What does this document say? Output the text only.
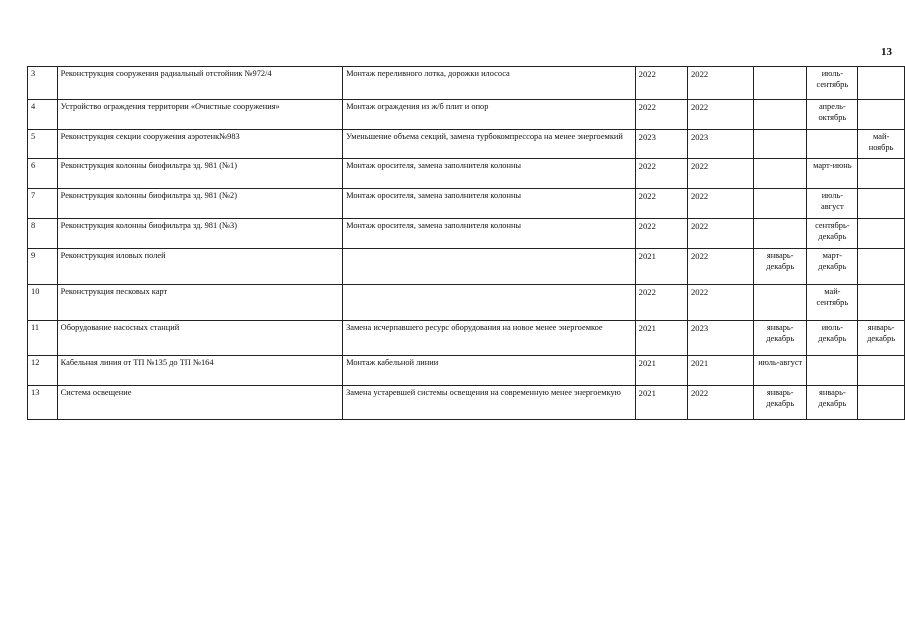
13
3	Реконструкция сооружения радиальный отстойник №972/4	Монтаж переливного лотка, дорожки илососа	2022	2022		июль-сентябрь	
4	Устройство ограждения территории «Очистные сооружения»	Монтаж ограждения из ж/б плит и опор	2022	2022		апрель-октябрь	
5	Реконструкция секции сооружения аэротенк№983	Уменьшение объема секций, замена турбокомпрессора на менее энергоемкий	2023	2023			май-ноябрь
6	Реконструкция колонны биофильтра зд. 981 (№1)	Монтаж оросителя, замена заполнителя колонны	2022	2022		март-июнь	
7	Реконструкция колонны биофильтра зд. 981 (№2)	Монтаж оросителя, замена заполнителя колонны	2022	2022		июль-август	
8	Реконструкция колонны биофильтра зд. 981 (№3)	Монтаж оросителя, замена заполнителя колонны	2022	2022		сентябрь-декабрь	
9	Реконструкция иловых полей		2021	2022	январь-декабрь	март-декабрь	
10	Реконструкция песковых карт		2022	2022		май-сентябрь	
11	Оборудование насосных станций	Замена исчерпавшего ресурс оборудования на новое менее энергоемкое	2021	2023	январь-декабрь	июль-декабрь	январь-декабрь
12	Кабельная линия от ТП №135 до ТП №164	Монтаж кабельной линии	2021	2021	июль-август		
13	Система освещение	Замена устаревшей системы освещения на современную менее энергоемкую	2021	2022	январь-декабрь	январь-декабрь	
